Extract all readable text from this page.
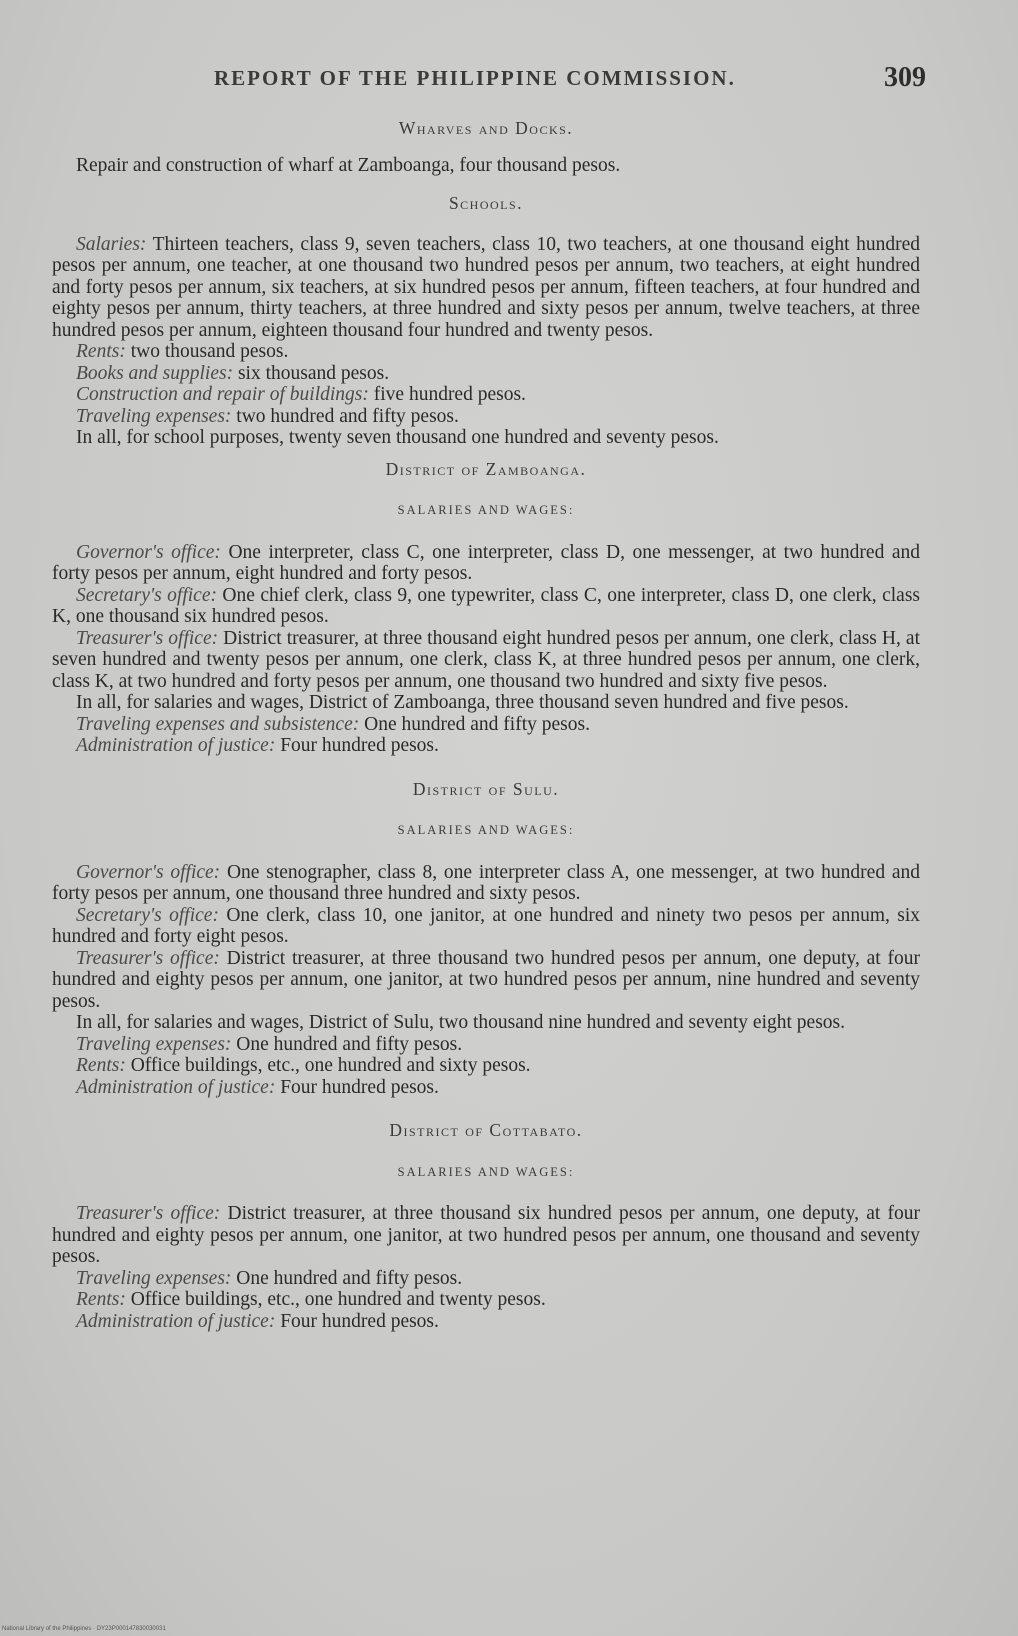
REPORT OF THE PHILIPPINE COMMISSION.	309

Wharves and Docks.

Repair and construction of wharf at Zamboanga, four thousand pesos.

Schools.

Salaries: Thirteen teachers, class 9, seven teachers, class 10, two teachers, at one thousand eight hundred pesos per annum, one teacher, at one thousand two hundred pesos per annum, two teachers, at eight hundred and forty pesos per annum, six teachers, at six hundred pesos per annum, fifteen teachers, at four hundred and eighty pesos per annum, thirty teachers, at three hundred and sixty pesos per annum, twelve teachers, at three hundred pesos per annum, eighteen thousand four hundred and twenty pesos.

Rents: two thousand pesos.

Books and supplies: six thousand pesos.

Construction and repair of buildings: five hundred pesos.

Traveling expenses: two hundred and fifty pesos.

In all, for school purposes, twenty seven thousand one hundred and seventy pesos.

District of Zamboanga.

SALARIES AND WAGES:

Governor's office: One interpreter, class C, one interpreter, class D, one messenger, at two hundred and forty pesos per annum, eight hundred and forty pesos.

Secretary's office: One chief clerk, class 9, one typewriter, class C, one interpreter, class D, one clerk, class K, one thousand six hundred pesos.

Treasurer's office: District treasurer, at three thousand eight hundred pesos per annum, one clerk, class H, at seven hundred and twenty pesos per annum, one clerk, class K, at three hundred pesos per annum, one clerk, class K, at two hundred and forty pesos per annum, one thousand two hundred and sixty five pesos.

In all, for salaries and wages, District of Zamboanga, three thousand seven hundred and five pesos.

Traveling expenses and subsistence: One hundred and fifty pesos.

Administration of justice: Four hundred pesos.

District of Sulu.

SALARIES AND WAGES:

Governor's office: One stenographer, class 8, one interpreter class A, one messenger, at two hundred and forty pesos per annum, one thousand three hundred and sixty pesos.

Secretary's office: One clerk, class 10, one janitor, at one hundred and ninety two pesos per annum, six hundred and forty eight pesos.

Treasurer's office: District treasurer, at three thousand two hundred pesos per annum, one deputy, at four hundred and eighty pesos per annum, one janitor, at two hundred pesos per annum, nine hundred and seventy pesos.

In all, for salaries and wages, District of Sulu, two thousand nine hundred and seventy eight pesos.

Traveling expenses: One hundred and fifty pesos.

Rents: Office buildings, etc., one hundred and sixty pesos.

Administration of justice: Four hundred pesos.

District of Cottabato.

SALARIES AND WAGES:

Treasurer's office: District treasurer, at three thousand six hundred pesos per annum, one deputy, at four hundred and eighty pesos per annum, one janitor, at two hundred pesos per annum, one thousand and seventy pesos.

Traveling expenses: One hundred and fifty pesos.

Rents: Office buildings, etc., one hundred and twenty pesos.

Administration of justice: Four hundred pesos.

National Library of the Philippines · DY23P000147830030031
